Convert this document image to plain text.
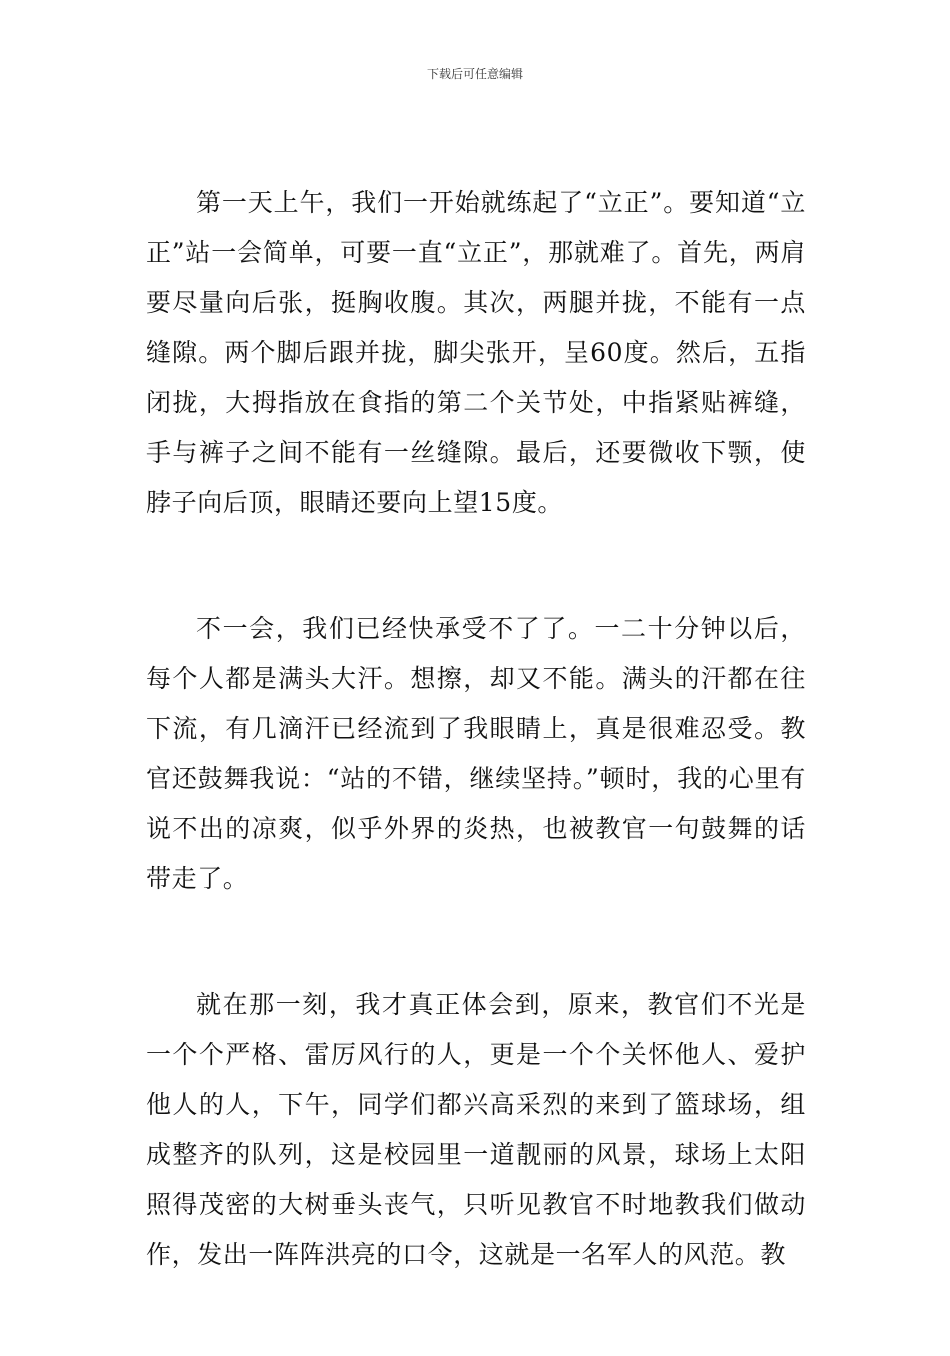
下载后可任意编辑

第一天上午，我们一开始就练起了“立正”。要知道“立正”站一会简单，可要一直“立正”，那就难了。首先，两肩要尽量向后张，挺胸收腹。其次，两腿并拢，不能有一点缝隙。两个脚后跟并拢，脚尖张开，呈60度。然后，五指闭拢，大拇指放在食指的第二个关节处，中指紧贴裤缝，手与裤子之间不能有一丝缝隙。最后，还要微收下颚，使脖子向后顶，眼睛还要向上望15度。

不一会，我们已经快承受不了了。一二十分钟以后，每个人都是满头大汗。想擦，却又不能。满头的汗都在往下流，有几滴汗已经流到了我眼睛上，真是很难忍受。教官还鼓舞我说：“站的不错，继续坚持。”顿时，我的心里有说不出的凉爽，似乎外界的炎热，也被教官一句鼓舞的话带走了。

就在那一刻，我才真正体会到，原来，教官们不光是一个个严格、雷厉风行的人，更是一个个关怀他人、爱护他人的人，下午，同学们都兴高采烈的来到了篮球场，组成整齐的队列，这是校园里一道靓丽的风景，球场上太阳照得茂密的大树垂头丧气，只听见教官不时地教我们做动作，发出一阵阵洪亮的口令，这就是一名军人的风范。教
